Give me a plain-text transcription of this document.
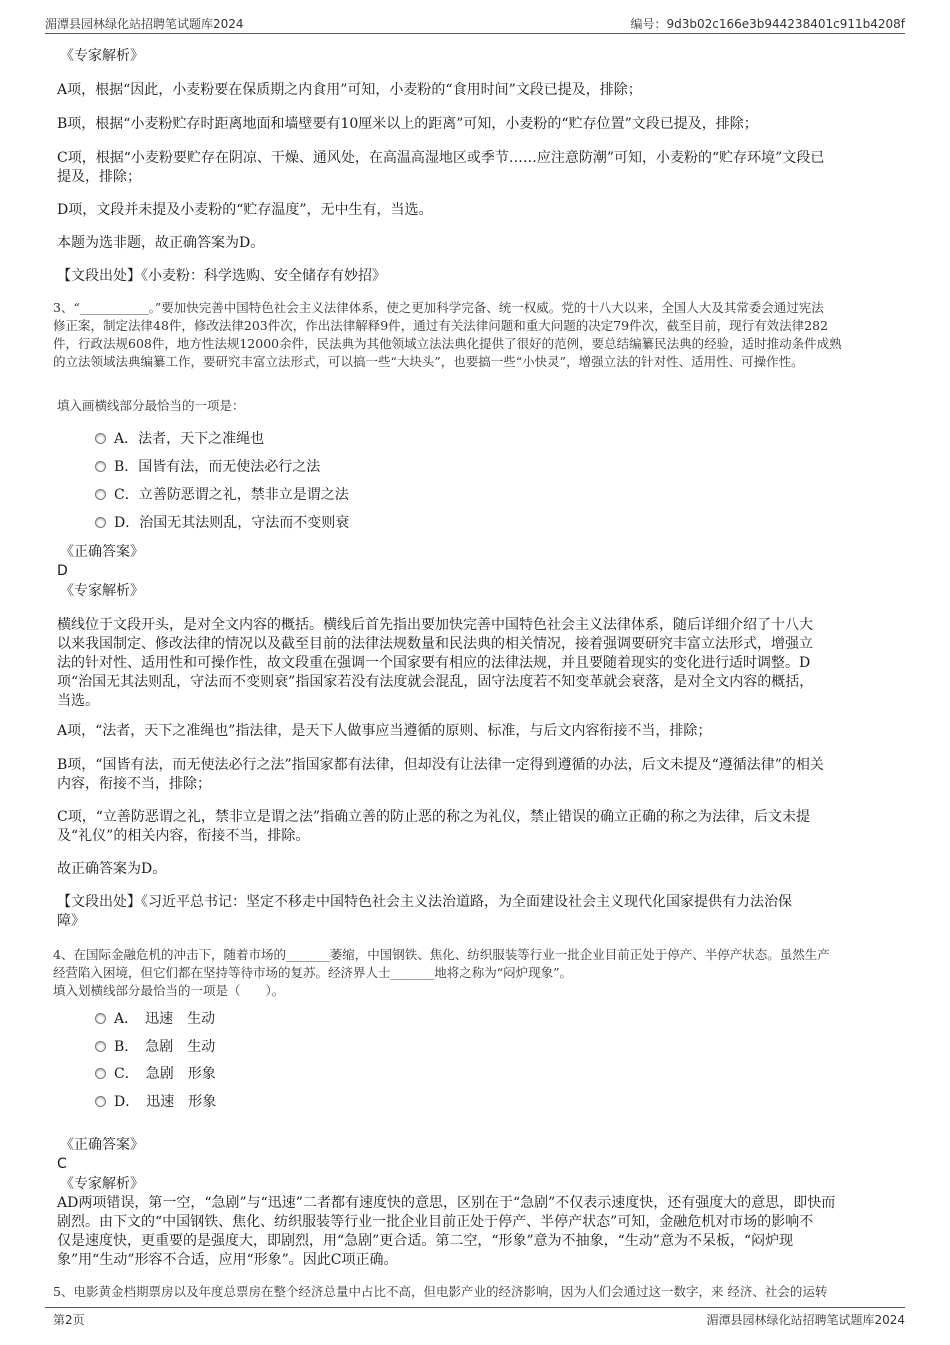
湄潭县园林绿化站招聘笔试题库2024	编号：9d3b02c166e3b944238401c911b4208f
《专家解析》
A项，根据“因此，小麦粉要在保质期之内食用”可知，小麦粉的“食用时间”文段已提及，排除；
B项，根据“小麦粉贮存时距离地面和墙壁要有10厘米以上的距离”可知，小麦粉的“贮存位置”文段已提及，排除；
C项，根据“小麦粉要贮存在阴凉、干燥、通风处，在高温高湿地区或季节……应注意防潮”可知，小麦粉的“贮存环境”文段已
提及，排除；
D项，文段并未提及小麦粉的“贮存温度”，无中生有，当选。
本题为选非题，故正确答案为D。
【文段出处】《小麦粉：科学选购、安全储存有妙招》
3、“___________。”要加快完善中国特色社会主义法律体系，使之更加科学完备、统一权威。党的十八大以来，全国人大及其常委会通过宪法
修正案，制定法律48件，修改法律203件次，作出法律解释9件，通过有关法律问题和重大问题的决定79件次，截至目前，现行有效法律282
件，行政法规608件，地方性法规12000余件，民法典为其他领域立法法典化提供了很好的范例，要总结编纂民法典的经验，适时推动条件成熟
的立法领域法典编纂工作，要研究丰富立法形式，可以搞一些“大块头”，也要搞一些“小快灵”，增强立法的针对性、适用性、可操作性。
填入画横线部分最恰当的一项是：
A．法者，天下之准绳也
B．国皆有法，而无使法必行之法
C．立善防恶谓之礼，禁非立是谓之法
D．治国无其法则乱，守法而不变则衰
《正确答案》
D
《专家解析》
横线位于文段开头，是对全文内容的概括。横线后首先指出要加快完善中国特色社会主义法律体系，随后详细介绍了十八大
以来我国制定、修改法律的情况以及截至目前的法律法规数量和民法典的相关情况，接着强调要研究丰富立法形式，增强立
法的针对性、适用性和可操作性，故文段重在强调一个国家要有相应的法律法规，并且要随着现实的变化进行适时调整。D
项“治国无其法则乱，守法而不变则衰”指国家若没有法度就会混乱，固守法度若不知变革就会衰落，是对全文内容的概括，
当选。
A项，“法者，天下之准绳也”指法律，是天下人做事应当遵循的原则、标准，与后文内容衔接不当，排除；
B项，“国皆有法，而无使法必行之法”指国家都有法律，但却没有让法律一定得到遵循的办法，后文未提及“遵循法律”的相关
内容，衔接不当，排除；
C项，“立善防恶谓之礼，禁非立是谓之法”指确立善的防止恶的称之为礼仪，禁止错误的确立正确的称之为法律，后文未提
及“礼仪”的相关内容，衔接不当，排除。
故正确答案为D。
【文段出处】《习近平总书记：坚定不移走中国特色社会主义法治道路，为全面建设社会主义现代化国家提供有力法治保
障》
4、在国际金融危机的冲击下，随着市场的_______萎缩，中国钢铁、焦化、纺织服装等行业一批企业目前正处于停产、半停产状态。虽然生产
经营陷入困境，但它们都在坚持等待市场的复苏。经济界人士_______地将之称为“闷炉现象”。
填入划横线部分最恰当的一项是（　　）。
A．　迅速　生动
B．　急剧　生动
C．　急剧　形象
D．　迅速　形象
《正确答案》
C
《专家解析》
AD两项错误，第一空，“急剧”与“迅速”二者都有速度快的意思，区别在于“急剧”不仅表示速度快，还有强度大的意思，即快而
剧烈。由下文的“中国钢铁、焦化、纺织服装等行业一批企业目前正处于停产、半停产状态”可知，金融危机对市场的影响不
仅是速度快，更重要的是强度大，即剧烈，用“急剧”更合适。第二空，“形象”意为不抽象，“生动”意为不呆板，“闷炉现
象”用“生动”形容不合适，应用“形象”。因此C项正确。
5、电影黄金档期票房以及年度总票房在整个经济总量中占比不高，但电影产业的经济影响，因为人们会通过这一数字，来 经济、社会的运转
第2页	湄潭县园林绿化站招聘笔试题库2024
